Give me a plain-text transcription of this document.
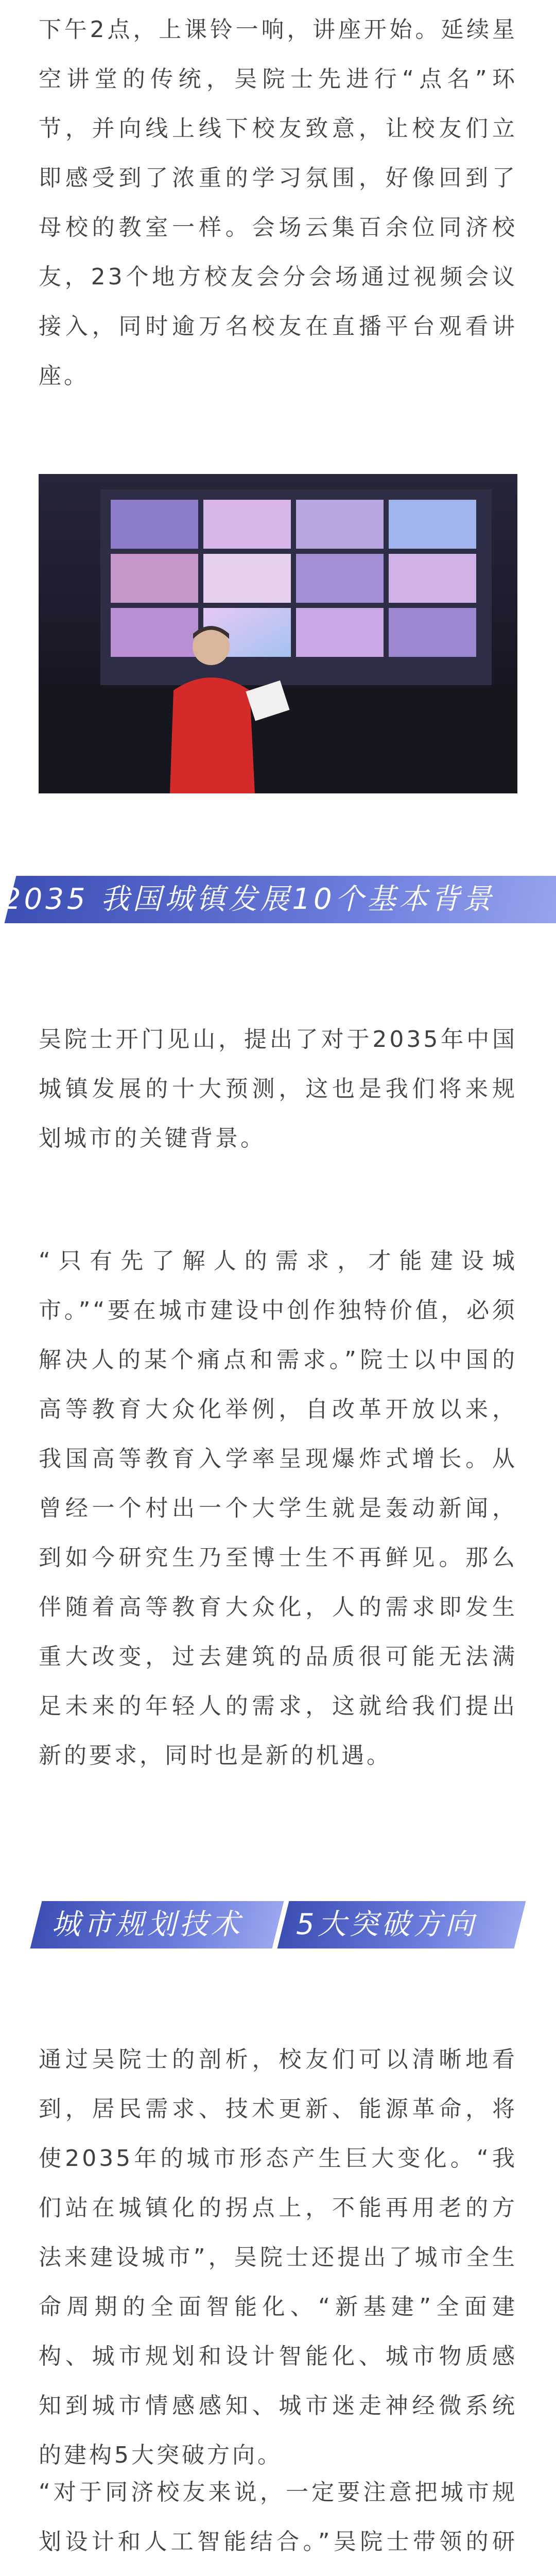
下午2点，上课铃一响，讲座开始。延续星空讲堂的传统，吴院士先进行“点名”环节，并向线上线下校友致意，让校友们立即感受到了浓重的学习氛围，好像回到了母校的教室一样。会场云集百余位同济校友，23个地方校友会分会场通过视频会议接入，同时逾万名校友在直播平台观看讲座。

2035 我国城镇发展10个基本背景

吴院士开门见山，提出了对于2035年中国城镇发展的十大预测，这也是我们将来规划城市的关键背景。

“只有先了解人的需求，才能建设城市。”“要在城市建设中创作独特价值，必须解决人的某个痛点和需求。”院士以中国的高等教育大众化举例，自改革开放以来，我国高等教育入学率呈现爆炸式增长。从曾经一个村出一个大学生就是轰动新闻，到如今研究生乃至博士生不再鲜见。那么伴随着高等教育大众化，人的需求即发生重大改变，过去建筑的品质很可能无法满足未来的年轻人的需求，这就给我们提出新的要求，同时也是新的机遇。

城市规划技术 5大突破方向

通过吴院士的剖析，校友们可以清晰地看到，居民需求、技术更新、能源革命，将使2035年的城市形态产生巨大变化。“我们站在城镇化的拐点上，不能再用老的方法来建设城市”，吴院士还提出了城市全生命周期的全面智能化、“新基建”全面建构、城市规划和设计智能化、城市物质感知到城市情感感知、城市迷走神经微系统的建构5大突破方向。

“对于同济校友来说，一定要注意把城市规划设计和人工智能结合。”吴院士带领的研
